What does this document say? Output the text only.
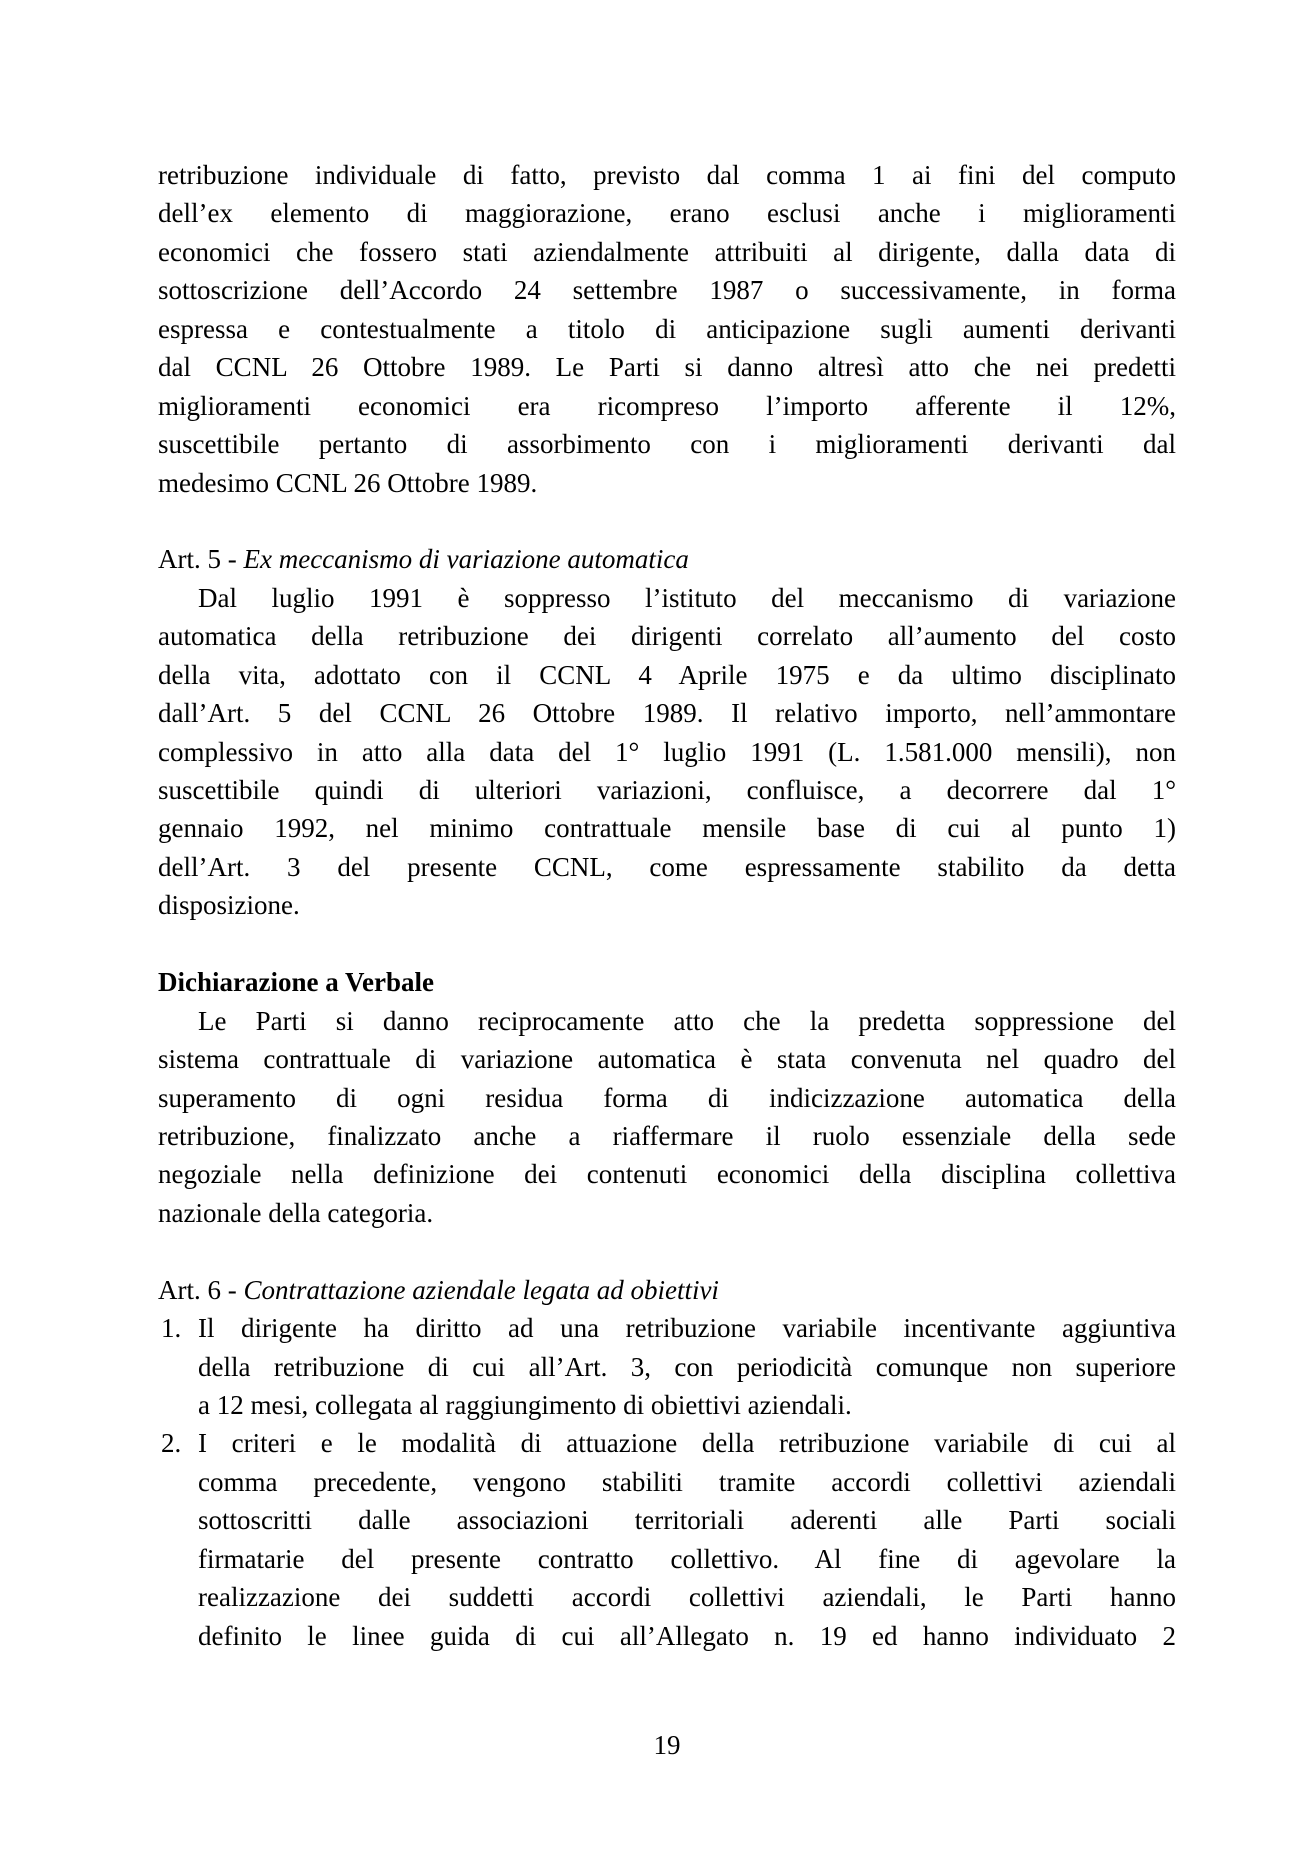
retribuzione individuale di fatto, previsto dal comma 1 ai fini del computo
dell’ex elemento di maggiorazione, erano esclusi anche i miglioramenti
economici che fossero stati aziendalmente attribuiti al dirigente, dalla data di
sottoscrizione dell’Accordo 24 settembre 1987 o successivamente, in forma
espressa e contestualmente a titolo di anticipazione sugli aumenti derivanti
dal CCNL 26 Ottobre 1989. Le Parti si danno altresì atto che nei predetti
miglioramenti economici era ricompreso l’importo afferente il 12%,
suscettibile pertanto di assorbimento con i miglioramenti derivanti dal
medesimo CCNL 26 Ottobre 1989.

Art. 5 - Ex meccanismo di variazione automatica

Dal luglio 1991 è soppresso l’istituto del meccanismo di variazione
automatica della retribuzione dei dirigenti correlato all’aumento del costo
della vita, adottato con il CCNL 4 Aprile 1975 e da ultimo disciplinato
dall’Art. 5 del CCNL 26 Ottobre 1989. Il relativo importo, nell’ammontare
complessivo in atto alla data del 1° luglio 1991 (L. 1.581.000 mensili), non
suscettibile quindi di ulteriori variazioni, confluisce, a decorrere dal 1°
gennaio 1992, nel minimo contrattuale mensile base di cui al punto 1)
dell’Art. 3 del presente CCNL, come espressamente stabilito da detta
disposizione.

Dichiarazione a Verbale

Le Parti si danno reciprocamente atto che la predetta soppressione del
sistema contrattuale di variazione automatica è stata convenuta nel quadro del
superamento di ogni residua forma di indicizzazione automatica della
retribuzione, finalizzato anche a riaffermare il ruolo essenziale della sede
negoziale nella definizione dei contenuti economici della disciplina collettiva
nazionale della categoria.

Art. 6 - Contrattazione aziendale legata ad obiettivi
1. Il dirigente ha diritto ad una retribuzione variabile incentivante aggiuntiva
della retribuzione di cui all’Art. 3, con periodicità comunque non superiore
a 12 mesi, collegata al raggiungimento di obiettivi aziendali.
2. I criteri e le modalità di attuazione della retribuzione variabile di cui al
comma precedente, vengono stabiliti tramite accordi collettivi aziendali
sottoscritti dalle associazioni territoriali aderenti alle Parti sociali
firmatarie del presente contratto collettivo. Al fine di agevolare la
realizzazione dei suddetti accordi collettivi aziendali, le Parti hanno
definito le linee guida di cui all’Allegato n. 19 ed hanno individuato 2
19
